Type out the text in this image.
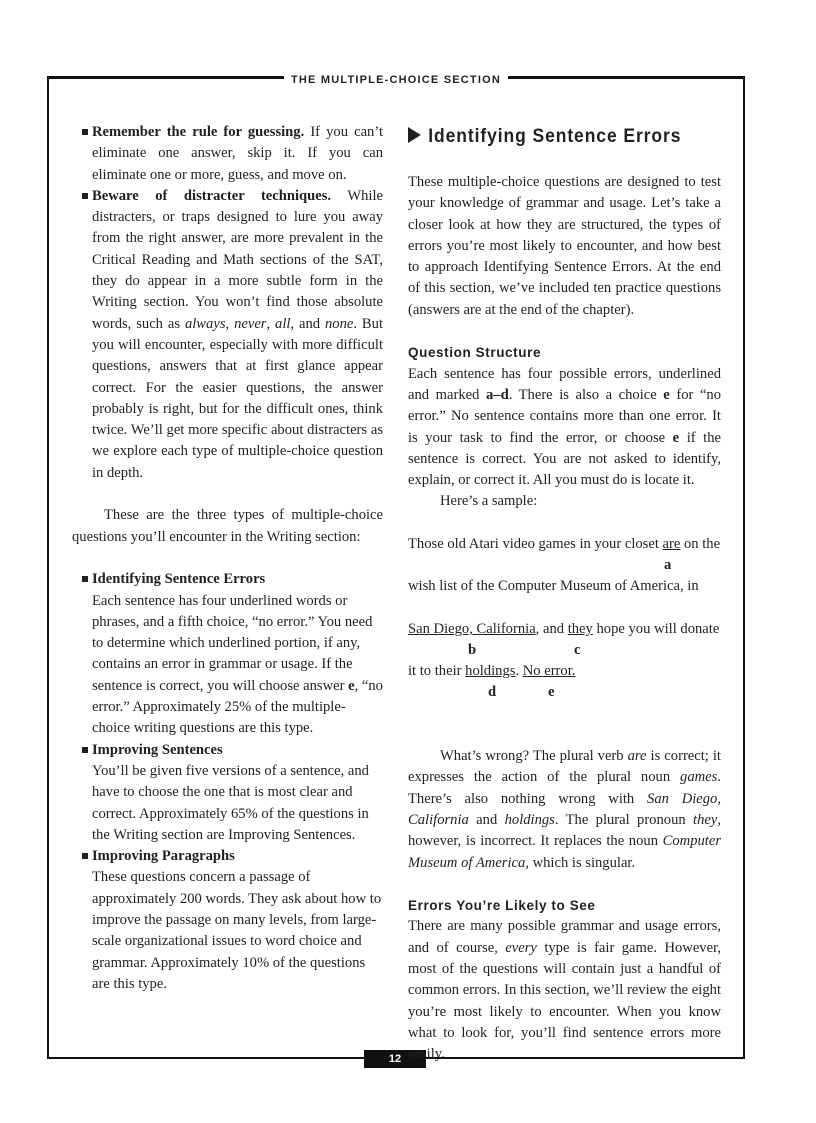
THE MULTIPLE-CHOICE SECTION
12
Remember the rule for guessing. If you can’t eliminate one answer, skip it. If you can eliminate one or more, guess, and move on.
Beware of distracter techniques. While distracters, or traps designed to lure you away from the right answer, are more prevalent in the Critical Reading and Math sections of the SAT, they do appear in a more subtle form in the Writing section. You won’t find those absolute words, such as always, never, all, and none. But you will encounter, especially with more difficult questions, answers that at first glance appear correct. For the easier questions, the answer probably is right, but for the difficult ones, think twice. We’ll get more specific about distracters as we explore each type of multiple-choice question in depth.
These are the three types of multiple-choice questions you’ll encounter in the Writing section:
Identifying Sentence Errors
Each sentence has four underlined words or phrases, and a fifth choice, “no error.” You need to determine which underlined portion, if any, contains an error in grammar or usage. If the sentence is correct, you will choose answer e, “no error.” Approximately 25% of the multiple-choice writing questions are this type.
Improving Sentences
You’ll be given five versions of a sentence, and have to choose the one that is most clear and correct. Approximately 65% of the questions in the Writing section are Improving Sentences.
Improving Paragraphs
These questions concern a passage of approximately 200 words. They ask about how to improve the passage on many levels, from large-scale organizational issues to word choice and grammar. Approximately 10% of the questions are this type.
Identifying Sentence Errors
These multiple-choice questions are designed to test your knowledge of grammar and usage. Let’s take a closer look at how they are structured, the types of errors you’re most likely to encounter, and how best to approach Identifying Sentence Errors. At the end of this section, we’ve included ten practice questions (answers are at the end of the chapter).
Question Structure
Each sentence has four possible errors, underlined and marked a–d. There is also a choice e for “no error.” No sentence contains more than one error. It is your task to find the error, or choose e if the sentence is correct. You are not asked to identify, explain, or correct it. All you must do is locate it.
Here’s a sample:
Those old Atari video games in your closet are on the
a
wish list of the Computer Museum of America, in
San Diego, California, and they hope you will donate
b	c
it to their holdings. No error.
d	e
What’s wrong? The plural verb are is correct; it expresses the action of the plural noun games. There’s also nothing wrong with San Diego, California and holdings. The plural pronoun they, however, is incorrect. It replaces the noun Computer Museum of America, which is singular.
Errors You’re Likely to See
There are many possible grammar and usage errors, and of course, every type is fair game. However, most of the questions will contain just a handful of common errors. In this section, we’ll review the eight you’re most likely to encounter. When you know what to look for, you’ll find sentence errors more easily.
